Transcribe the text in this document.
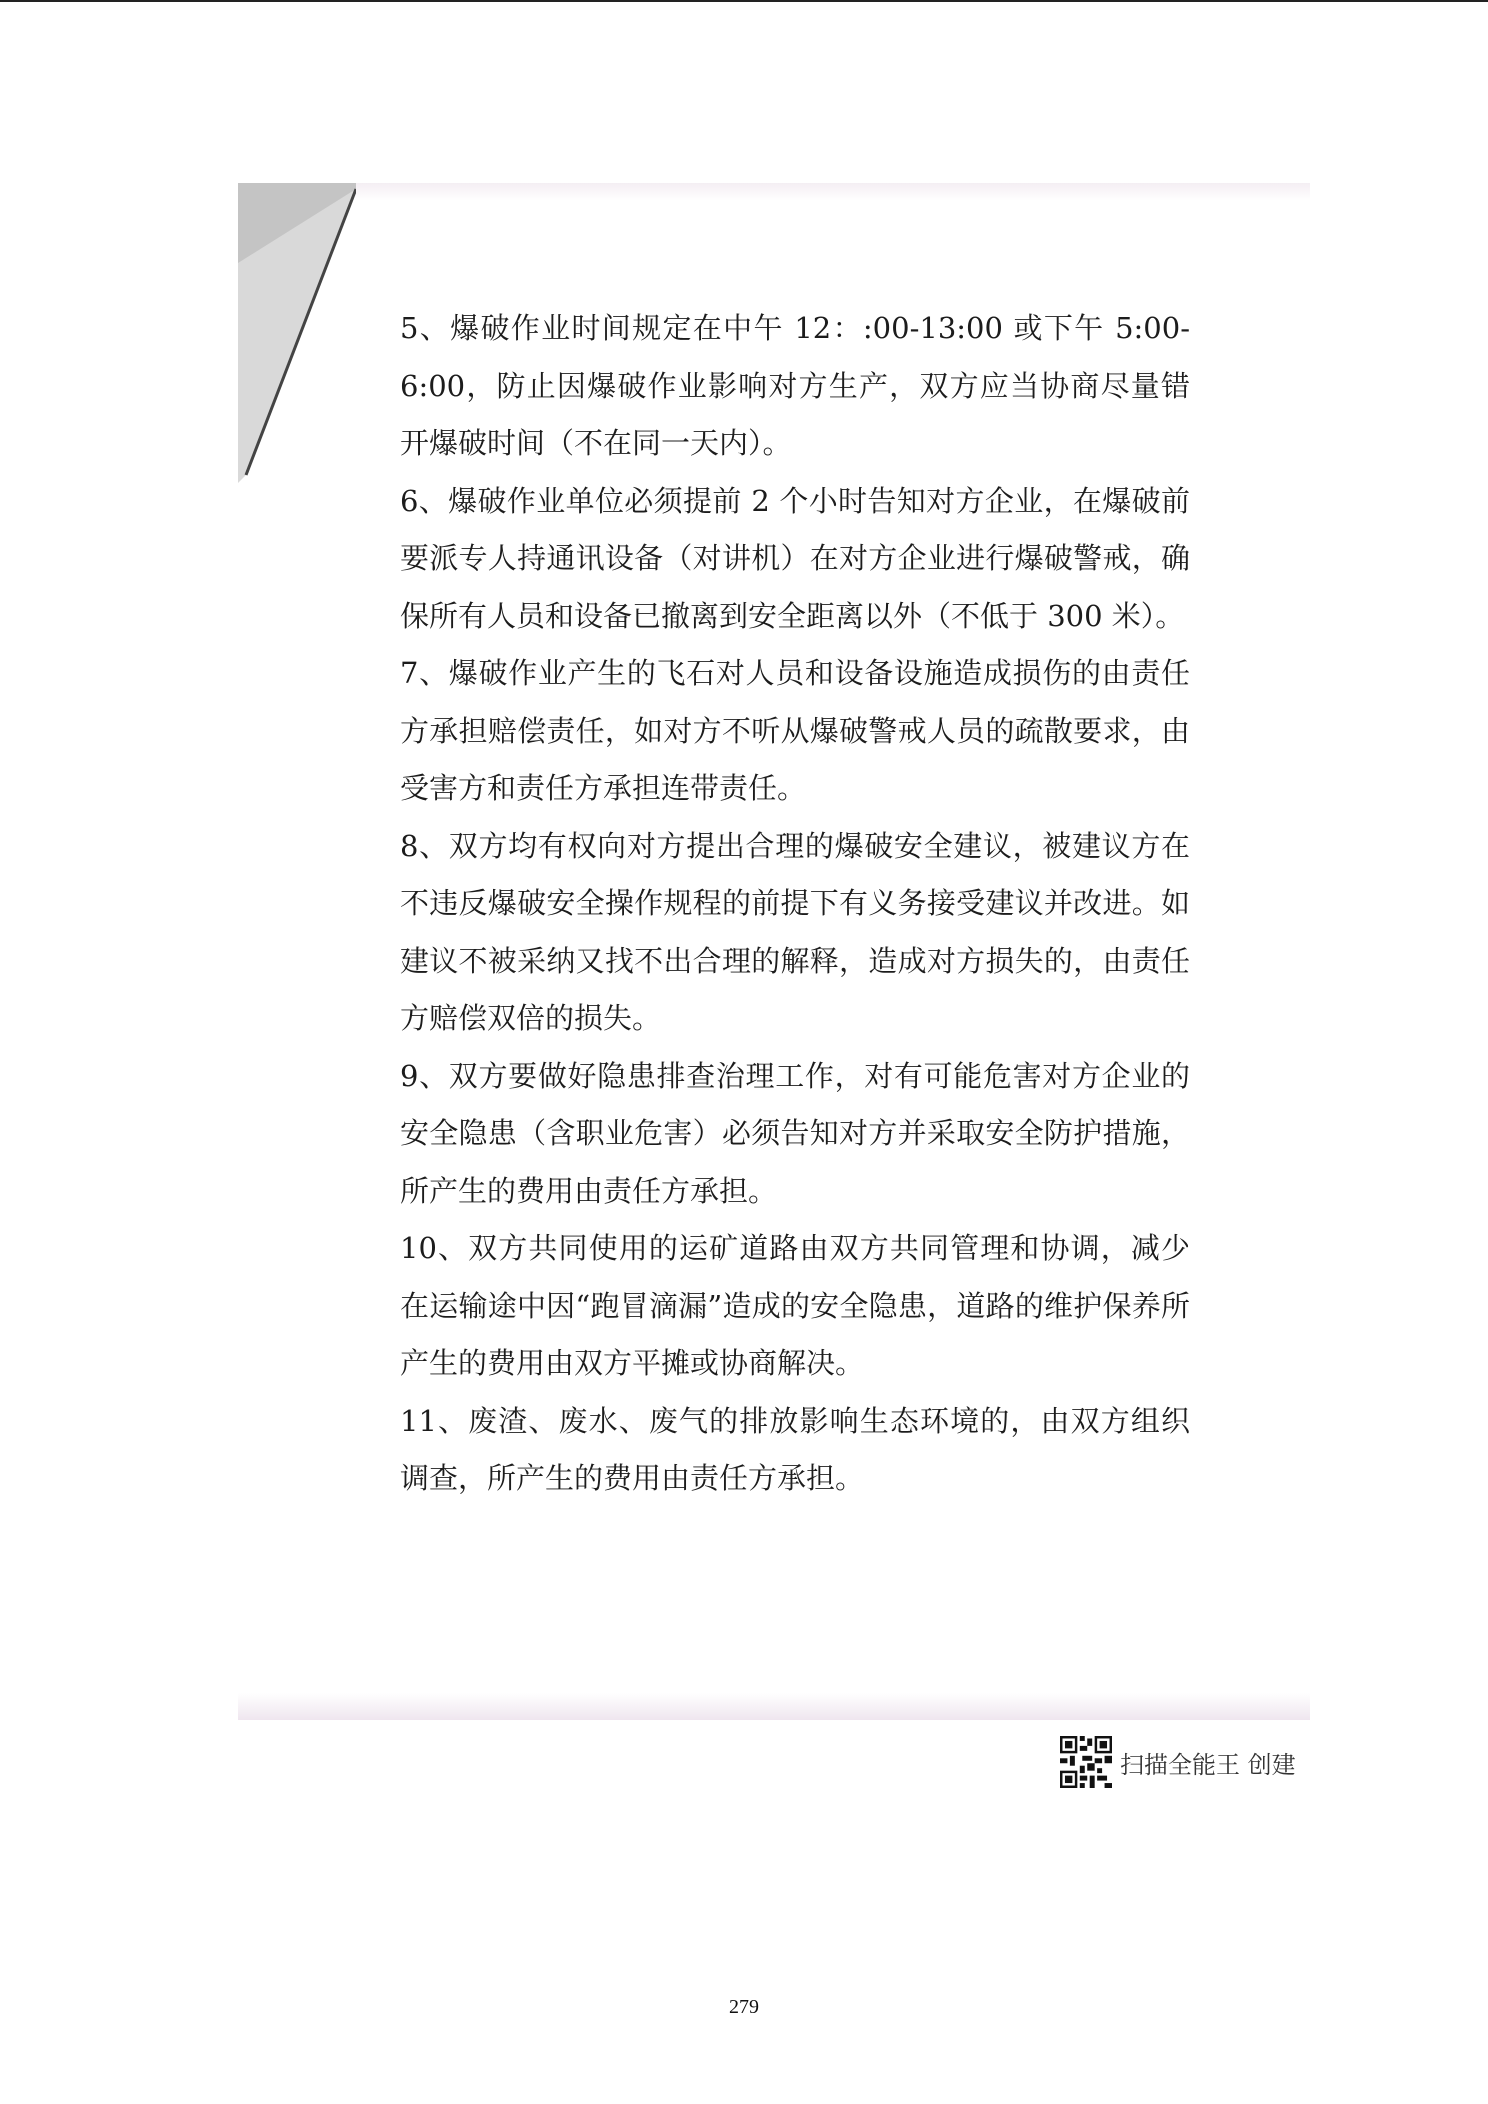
5、爆破作业时间规定在中午 12：:00-13:00 或下午 5:00-6:00，防止因爆破作业影响对方生产，双方应当协商尽量错开爆破时间（不在同一天内）。

6、爆破作业单位必须提前 2 个小时告知对方企业，在爆破前要派专人持通讯设备（对讲机）在对方企业进行爆破警戒，确保所有人员和设备已撤离到安全距离以外（不低于 300 米）。

7、爆破作业产生的飞石对人员和设备设施造成损伤的由责任方承担赔偿责任，如对方不听从爆破警戒人员的疏散要求，由受害方和责任方承担连带责任。

8、双方均有权向对方提出合理的爆破安全建议，被建议方在不违反爆破安全操作规程的前提下有义务接受建议并改进。如建议不被采纳又找不出合理的解释，造成对方损失的，由责任方赔偿双倍的损失。

9、双方要做好隐患排查治理工作，对有可能危害对方企业的安全隐患（含职业危害）必须告知对方并采取安全防护措施，所产生的费用由责任方承担。

10、双方共同使用的运矿道路由双方共同管理和协调，减少在运输途中因“跑冒滴漏”造成的安全隐患，道路的维护保养所产生的费用由双方平摊或协商解决。

11、废渣、废水、废气的排放影响生态环境的，由双方组织调查，所产生的费用由责任方承担。

扫描全能王 创建
279
